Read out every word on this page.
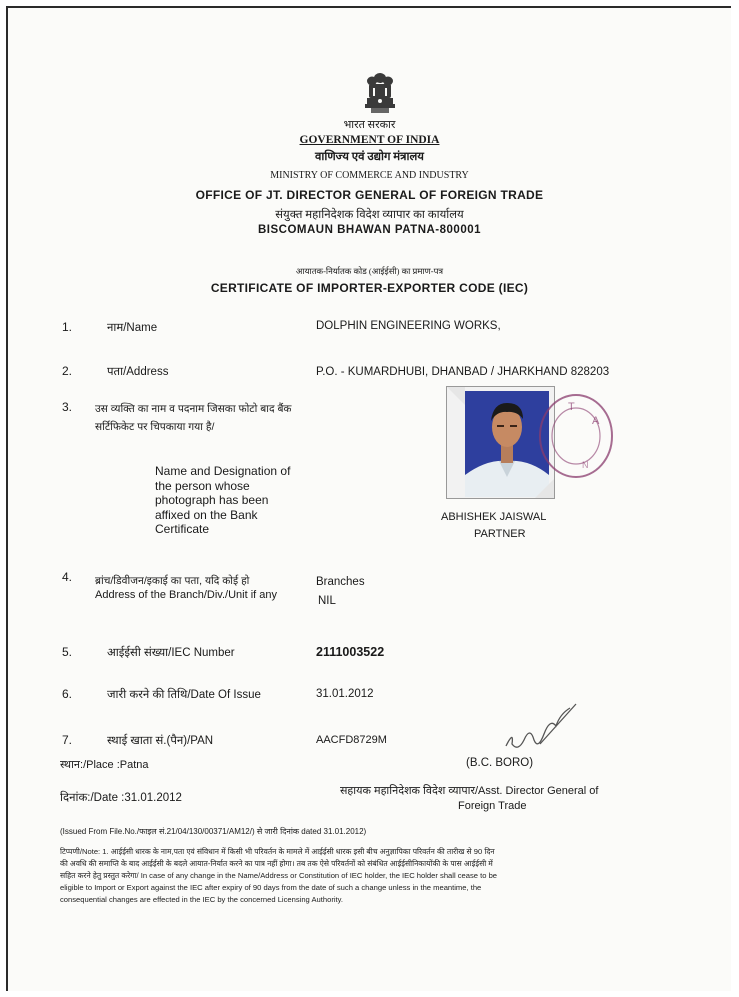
भारत सरकार
GOVERNMENT OF INDIA
वाणिज्य एवं उद्योग मंत्रालय
MINISTRY OF COMMERCE AND INDUSTRY
OFFICE OF JT. DIRECTOR GENERAL OF FOREIGN TRADE
संयुक्त महानिदेशक विदेश व्यापार का कार्यालय
BISCOMAUN BHAWAN PATNA-800001
आयातक-निर्यातक कोड (आईईसी) का प्रमाण-पत्र
CERTIFICATE OF IMPORTER-EXPORTER CODE (IEC)
1.	नाम/Name	DOLPHIN ENGINEERING WORKS,
2.	पता/Address	P.O. - KUMARDHUBI, DHANBAD / JHARKHAND 828203
3. उस व्यक्ति का नाम व पदनाम जिसका फोटो बाद बैंक सर्टिफिकेट पर चिपकाया गया है/
Name and Designation of the person whose photograph has been affixed on the Bank Certificate
T
A
N
ABHISHEK JAISWAL
PARTNER
4. ब्रांच/डिवीजन/इकाई का पता, यदि कोई हो
Address of the Branch/Div./Unit if any
Branches
NIL
5.	आईईसी संख्या/IEC Number	2111003522
6.	जारी करने की तिथि/Date Of Issue	31.01.2012
7.	स्थाई खाता सं.(पैन)/PAN	AACFD8729M
स्थान:/Place :Patna	(B.C. BORO)
दिनांक:/Date :31.01.2012
सहायक महानिदेशक विदेश व्यापार/Asst. Director General of
Foreign Trade
(Issued From File.No./फाइल सं.21/04/130/00371/AM12/) से जारी दिनांक dated 31.01.2012)
टिप्पणी/Note: 1. आईईसी धारक के नाम,पता एवं संविधान में किसी भी परिवर्तन के मामले में आईईसी धारक इसी बीच अनुज्ञापिका परिवर्तन की तारीख से 90 दिन
की अवधि की समाप्ति के बाद आईईसी के बदले आयात-निर्यात करने का पात्र नहीं होगा। तब तक ऐसे परिवर्तनों को संबंधित आईईसीनिकायोंकी के पास आईईसी में
सहित करने हेतु प्रस्तुत करेगा/ In case of any change in the Name/Address or Constitution of IEC holder, the IEC holder shall cease to be
eligible to Import or Export against the IEC after expiry of 90 days from the date of such a change unless in the meantime, the
consequential changes are effected in the IEC by the concerned Licensing Authority.
